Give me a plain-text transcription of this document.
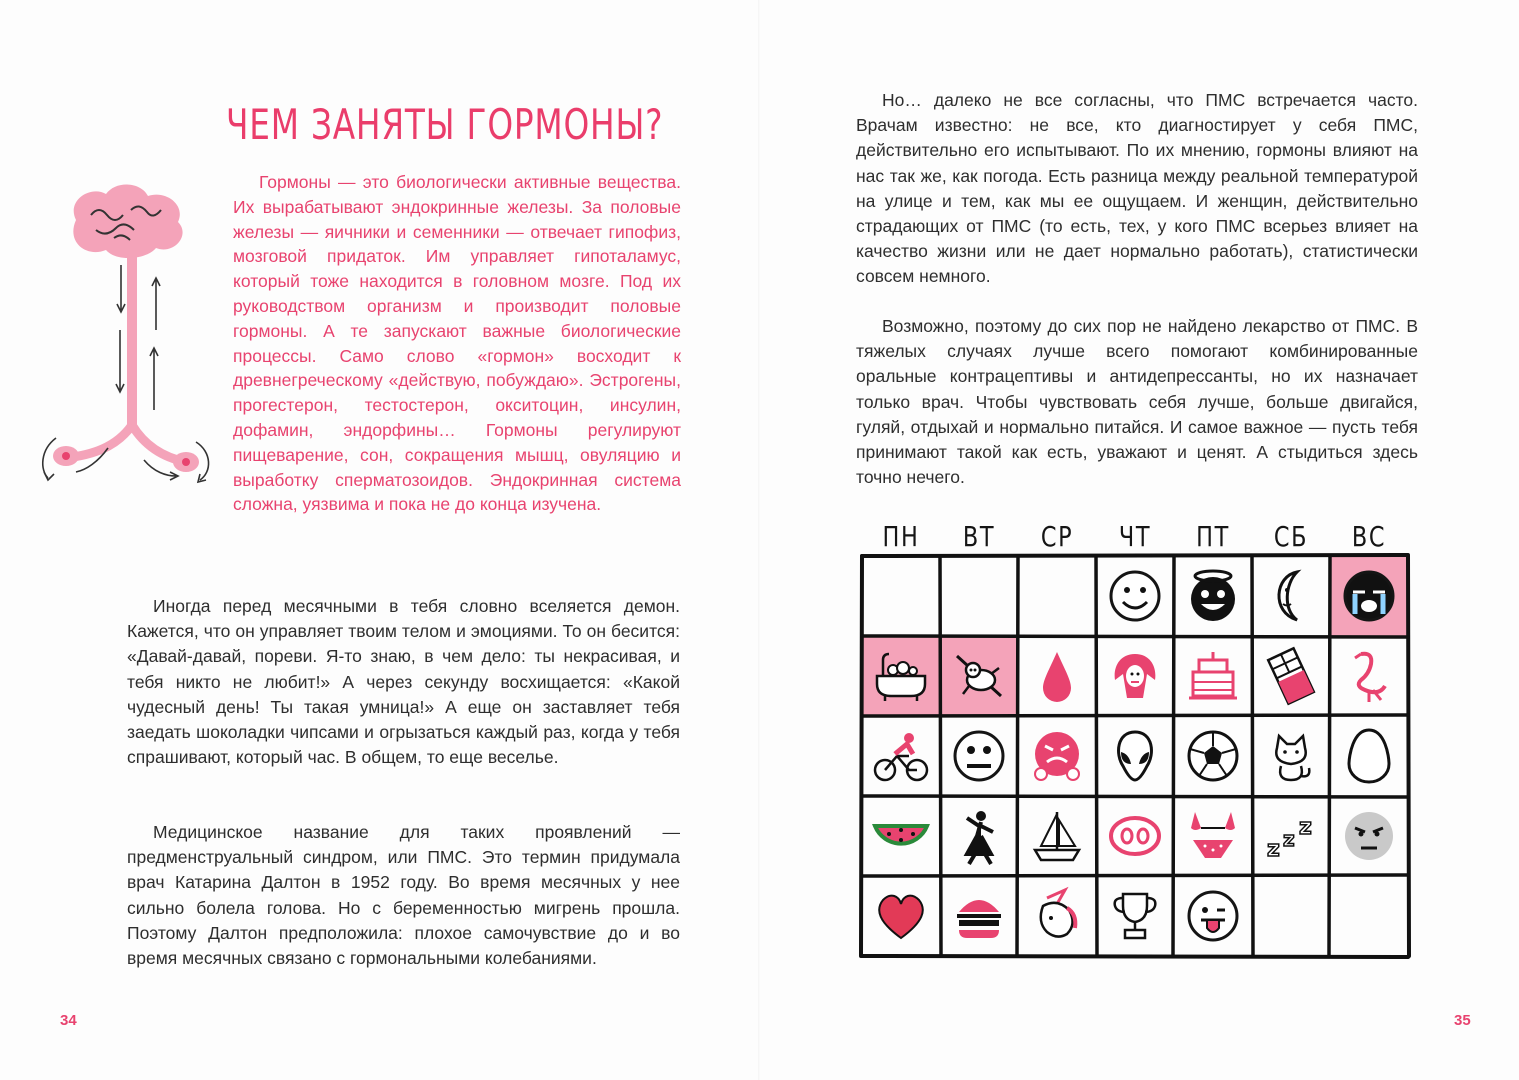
ЧЕМ ЗАНЯТЫ ГОРМОНЫ?

Гормоны — это биологически активные вещества. Их вырабатывают эндокринные железы. За половые железы — яичники и семенники — отвечает гипофиз, мозговой придаток. Им управляет гипоталамус, который тоже находится в головном мозге. Под их руководством организм и производит половые гормоны. А те запускают важные биологические процессы. Само слово «гормон» восходит к древнегреческому «действую, побуждаю». Эстрогены, прогестерон, тестостерон, окситоцин, инсулин, дофамин, эндорфины… Гормоны регулируют пищеварение, сон, сокращения мышц, овуляцию и выработку сперматозоидов. Эндокринная система сложна, уязвима и пока не до конца изучена.

Иногда перед месячными в тебя словно вселяется демон. Кажется, что он управляет твоим телом и эмоциями. То он бесится: «Давай-давай, пореви. Я-то знаю, в чем дело: ты некрасивая, и тебя никто не любит!» А через секунду восхищается: «Какой чудесный день! Ты такая умница!» А еще он заставляет тебя заедать шоколадки чипсами и огрызаться каждый раз, когда у тебя спрашивают, который час. В общем, то еще веселье.

Медицинское название для таких проявлений — предменструальный синдром, или ПМС. Это термин придумала врач Катарина Далтон в 1952 году. Во время месячных у нее сильно болела голова. Но с беременностью мигрень прошла. Поэтому Далтон предположила: плохое самочувствие до и во время месячных связано с гормональными колебаниями.

34

Но… далеко не все согласны, что ПМС встречается часто. Врачам известно: не все, кто диагностирует у себя ПМС, действительно его испытывают. По их мнению, гормоны влияют на нас так же, как погода. Есть разница между реальной температурой на улице и тем, как мы ее ощущаем. И женщин, действительно страдающих от ПМС (то есть, тех, у кого ПМС всерьез влияет на качество жизни или не дает нормально работать), статистически совсем немного.

Возможно, поэтому до сих пор не найдено лекарство от ПМС. В тяжелых случаях лучше всего помогают комбинированные оральные контрацептивы и антидепрессанты, но их назначает только врач. Чтобы чувствовать себя лучше, больше двигайся, гуляй, отдыхай и нормально питайся. И самое важное — пусть тебя принимают такой как есть, уважают и ценят. А стыдиться здесь точно нечего.

ПН	ВТ	СР	ЧТ	ПТ	СБ	ВС
z z z
35
